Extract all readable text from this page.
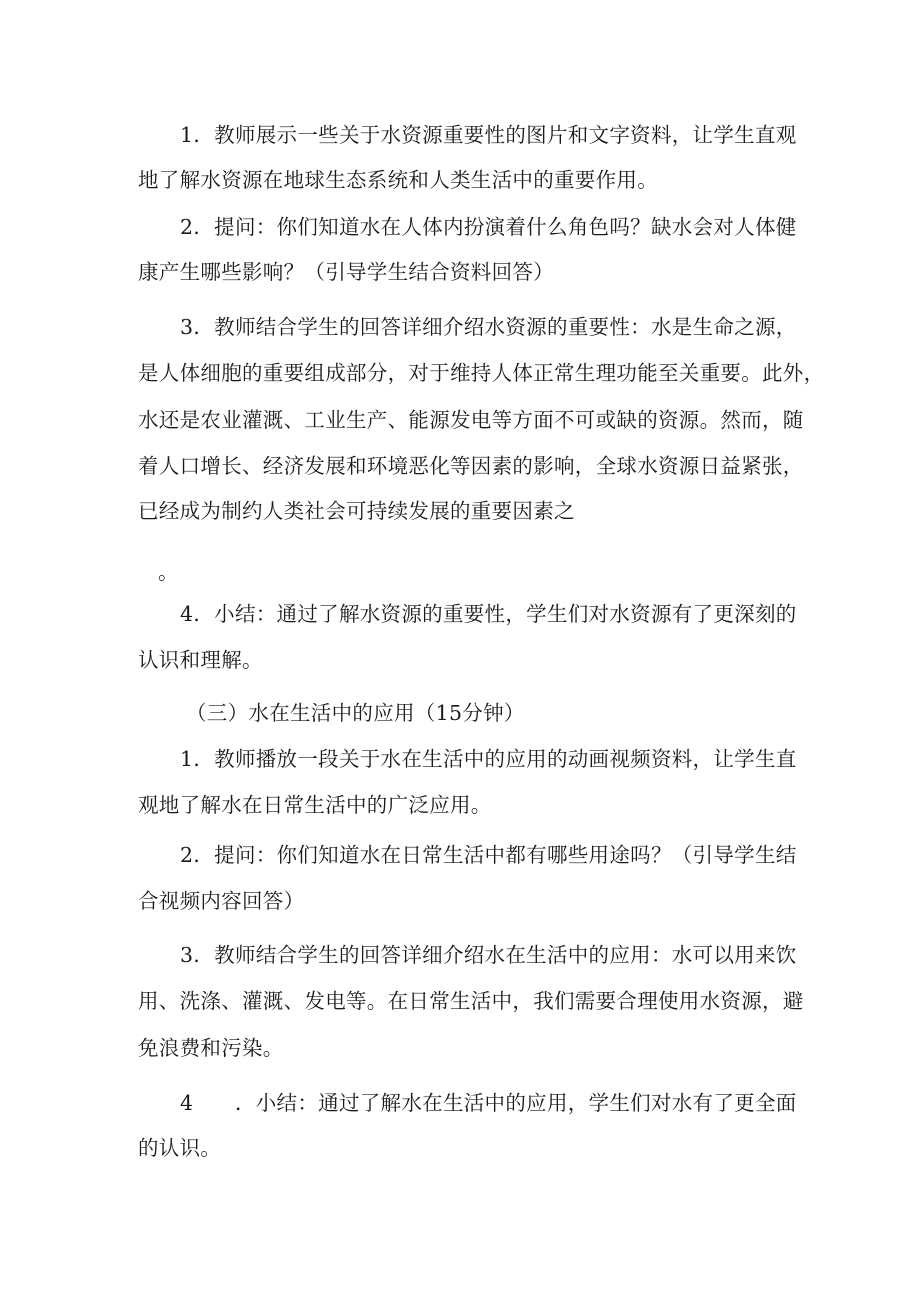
1．教师展示一些关于水资源重要性的图片和文字资料，让学生直观
地了解水资源在地球生态系统和人类生活中的重要作用。
2．提问：你们知道水在人体内扮演着什么角色吗？缺水会对人体健
康产生哪些影响？（引导学生结合资料回答）
3．教师结合学生的回答详细介绍水资源的重要性：水是生命之源，
是人体细胞的重要组成部分，对于维持人体正常生理功能至关重要。此外，
水还是农业灌溉、工业生产、能源发电等方面不可或缺的资源。然而，随
着人口增长、经济发展和环境恶化等因素的影响，全球水资源日益紧张，
已经成为制约人类社会可持续发展的重要因素之
。
4．小结：通过了解水资源的重要性，学生们对水资源有了更深刻的
认识和理解。
（三）水在生活中的应用（15分钟）
1．教师播放一段关于水在生活中的应用的动画视频资料，让学生直
观地了解水在日常生活中的广泛应用。
2．提问：你们知道水在日常生活中都有哪些用途吗？（引导学生结
合视频内容回答）
3．教师结合学生的回答详细介绍水在生活中的应用：水可以用来饮
用、洗涤、灌溉、发电等。在日常生活中，我们需要合理使用水资源，避
免浪费和污染。
4　　．小结：通过了解水在生活中的应用，学生们对水有了更全面
的认识。
